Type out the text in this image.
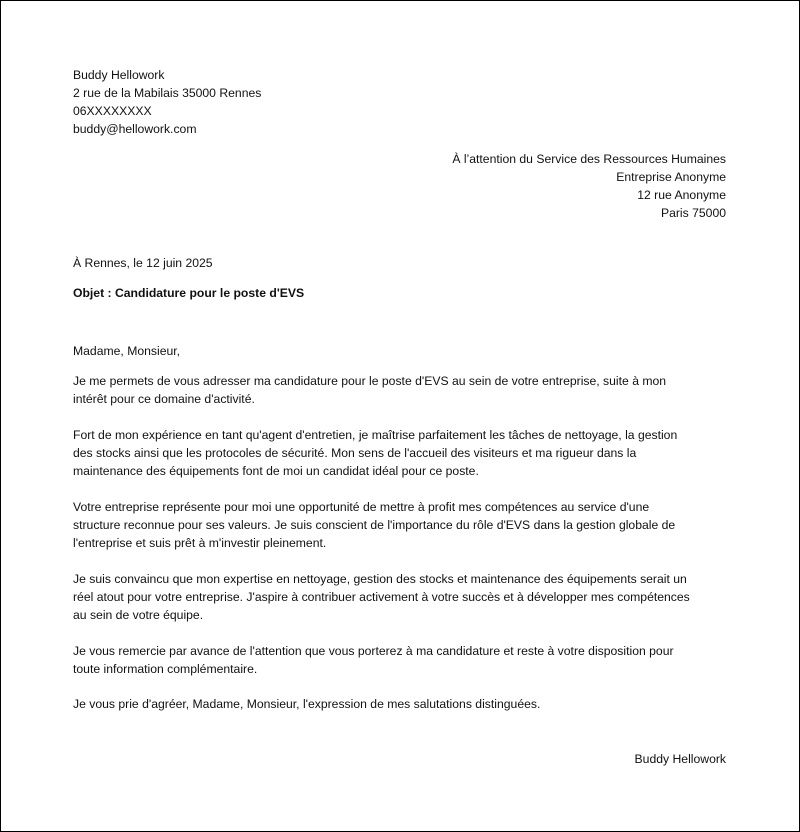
Buddy Hellowork
2 rue de la Mabilais 35000 Rennes
06XXXXXXXX
buddy@hellowork.com
À l’attention du Service des Ressources Humaines
Entreprise Anonyme
12 rue Anonyme
Paris 75000
À Rennes, le 12 juin 2025
Objet : Candidature pour le poste d'EVS
Madame, Monsieur,
Je me permets de vous adresser ma candidature pour le poste d'EVS au sein de votre entreprise, suite à mon
intérêt pour ce domaine d'activité.
Fort de mon expérience en tant qu'agent d'entretien, je maîtrise parfaitement les tâches de nettoyage, la gestion
des stocks ainsi que les protocoles de sécurité. Mon sens de l'accueil des visiteurs et ma rigueur dans la
maintenance des équipements font de moi un candidat idéal pour ce poste.
Votre entreprise représente pour moi une opportunité de mettre à profit mes compétences au service d'une
structure reconnue pour ses valeurs. Je suis conscient de l'importance du rôle d'EVS dans la gestion globale de
l'entreprise et suis prêt à m'investir pleinement.
Je suis convaincu que mon expertise en nettoyage, gestion des stocks et maintenance des équipements serait un
réel atout pour votre entreprise. J'aspire à contribuer activement à votre succès et à développer mes compétences
au sein de votre équipe.
Je vous remercie par avance de l'attention que vous porterez à ma candidature et reste à votre disposition pour
toute information complémentaire.
Je vous prie d'agréer, Madame, Monsieur, l'expression de mes salutations distinguées.
Buddy Hellowork
